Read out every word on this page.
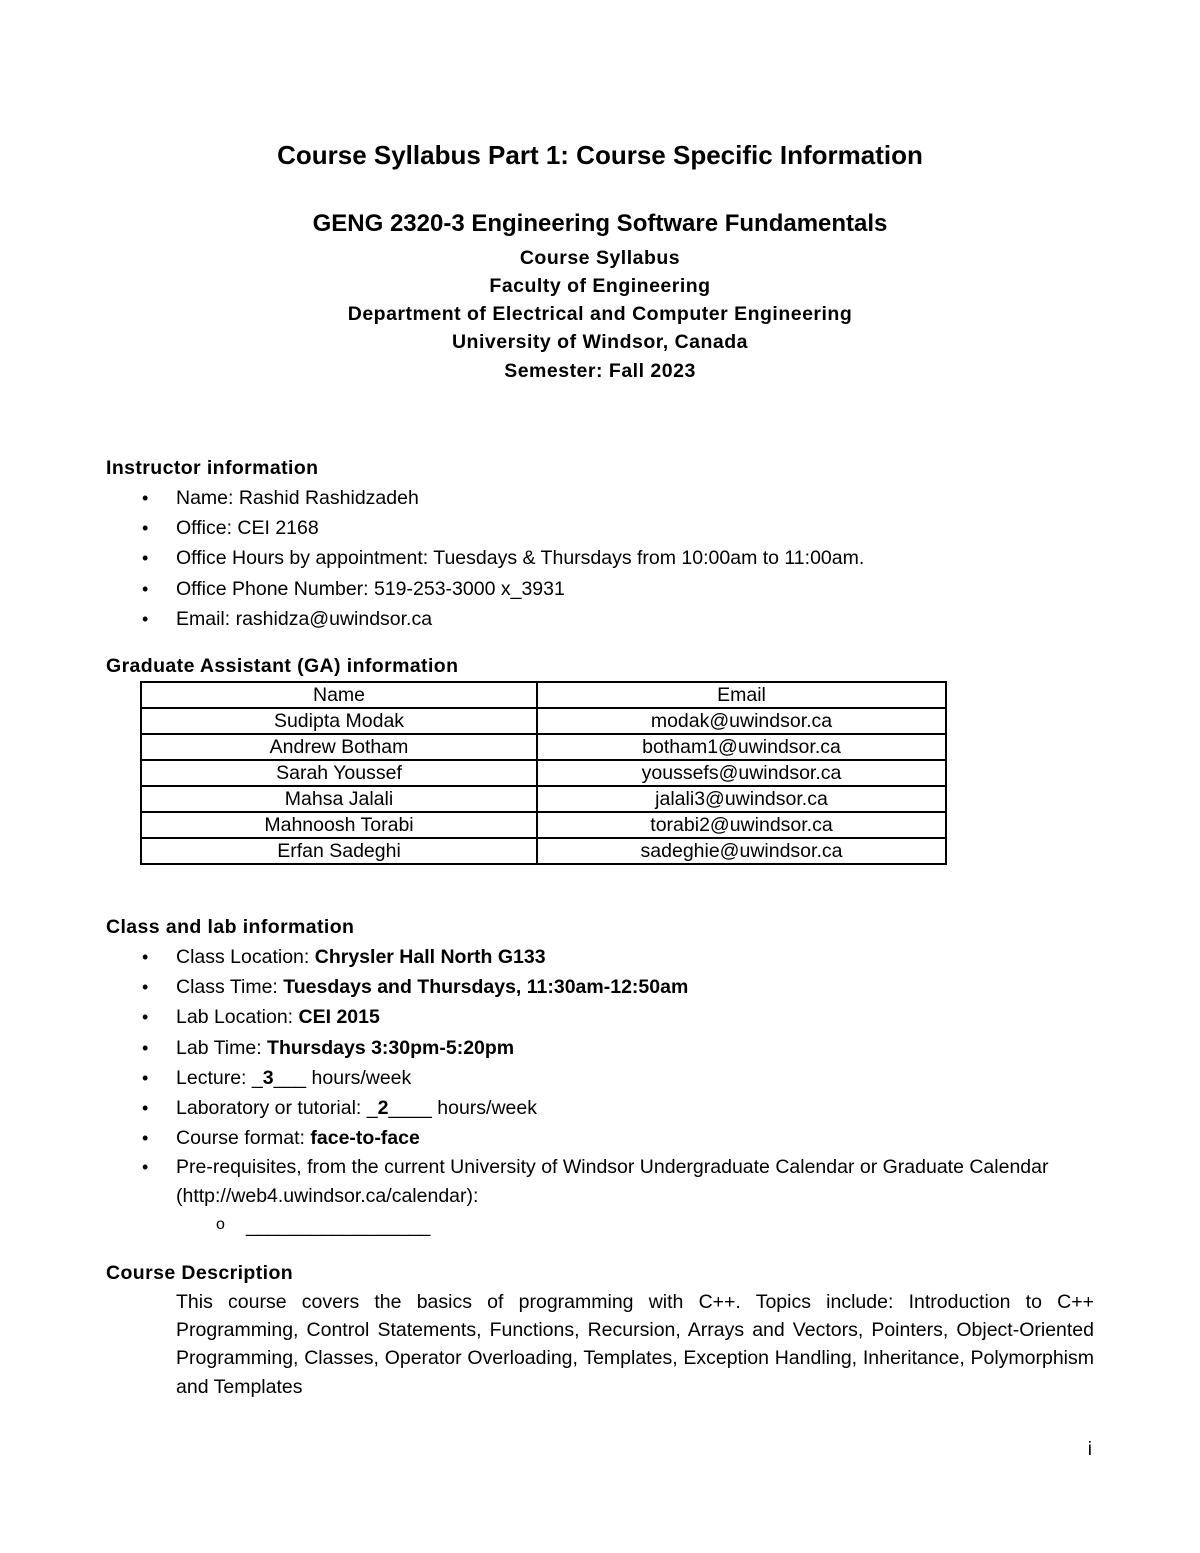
Course Syllabus Part 1: Course Specific Information
GENG 2320-3 Engineering Software Fundamentals
Course Syllabus
Faculty of Engineering
Department of Electrical and Computer Engineering
University of Windsor, Canada
Semester: Fall 2023
Instructor information
• Name: Rashid Rashidzadeh
• Office: CEI 2168
• Office Hours by appointment: Tuesdays & Thursdays from 10:00am to 11:00am.
• Office Phone Number: 519-253-3000 x_3931
• Email: rashidza@uwindsor.ca
Graduate Assistant (GA) information
Name	Email
Sudipta Modak	modak@uwindsor.ca
Andrew Botham	botham1@uwindsor.ca
Sarah Youssef	youssefs@uwindsor.ca
Mahsa Jalali	jalali3@uwindsor.ca
Mahnoosh Torabi	torabi2@uwindsor.ca
Erfan Sadeghi	sadeghie@uwindsor.ca
Class and lab information
• Class Location: Chrysler Hall North G133
• Class Time: Tuesdays and Thursdays, 11:30am-12:50am
• Lab Location: CEI 2015
• Lab Time: Thursdays 3:30pm-5:20pm
• Lecture: _3___ hours/week
• Laboratory or tutorial: _2____ hours/week
• Course format: face-to-face
• Pre-requisites, from the current University of Windsor Undergraduate Calendar or Graduate Calendar (http://web4.uwindsor.ca/calendar):
o _________________
Course Description
This course covers the basics of programming with C++. Topics include: Introduction to C++ Programming, Control Statements, Functions, Recursion, Arrays and Vectors, Pointers, Object-Oriented Programming, Classes, Operator Overloading, Templates, Exception Handling, Inheritance, Polymorphism and Templates
i
